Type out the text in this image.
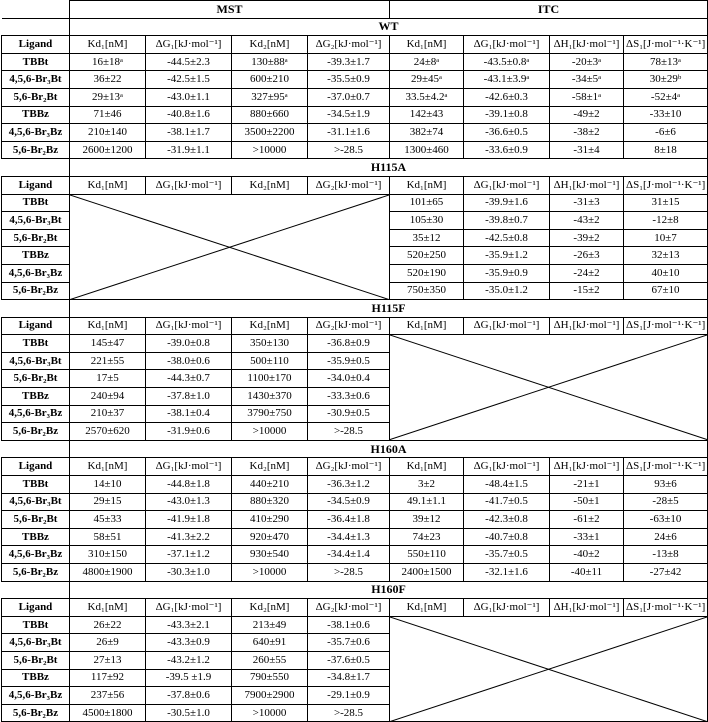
	MST				ITC			
	WT							
Ligand	Kd₁[nM]	ΔG₁[kJ·mol⁻¹]	Kd₂[nM]	ΔG₂[kJ·mol⁻¹]	Kd₁[nM]	ΔG₁[kJ·mol⁻¹]	ΔH₁[kJ·mol⁻¹]	ΔS₁[J·mol⁻¹·K⁻¹]
TBBt	16±18ᵃ	-44.5±2.3	130±88ᵃ	-39.3±1.7	24±8ᵃ	-43.5±0.8ᵃ	-20±3ᵃ	78±13ᵃ
4,5,6-Br₃Bt	36±22	-42.5±1.5	600±210	-35.5±0.9	29±45ᵃ	-43.1±3.9ᵃ	-34±5ᵃ	30±29ᵇ
5,6-Br₂Bt	29±13ᵃ	-43.0±1.1	327±95ᵃ	-37.0±0.7	33.5±4.2ᵃ	-42.6±0.3	-58±1ᵃ	-52±4ᵃ
TBBz	71±46	-40.8±1.6	880±660	-34.5±1.9	142±43	-39.1±0.8	-49±2	-33±10
4,5,6-Br₃Bz	210±140	-38.1±1.7	3500±2200	-31.1±1.6	382±74	-36.6±0.5	-38±2	-6±6
5,6-Br₂Bz	2600±1200	-31.9±1.1	>10000	>-28.5	1300±460	-33.6±0.9	-31±4	8±18
	H115A							
Ligand	Kd₁[nM]	ΔG₁[kJ·mol⁻¹]	Kd₂[nM]	ΔG₂[kJ·mol⁻¹]	Kd₁[nM]	ΔG₁[kJ·mol⁻¹]	ΔH₁[kJ·mol⁻¹]	ΔS₁[J·mol⁻¹·K⁻¹]
TBBt					101±65	-39.9±1.6	-31±3	31±15
4,5,6-Br₃Bt					105±30	-39.8±0.7	-43±2	-12±8
5,6-Br₂Bt					35±12	-42.5±0.8	-39±2	10±7
TBBz					520±250	-35.9±1.2	-26±3	32±13
4,5,6-Br₃Bz					520±190	-35.9±0.9	-24±2	40±10
5,6-Br₂Bz					750±350	-35.0±1.2	-15±2	67±10
	H115F							
Ligand	Kd₁[nM]	ΔG₁[kJ·mol⁻¹]	Kd₂[nM]	ΔG₂[kJ·mol⁻¹]	Kd₁[nM]	ΔG₁[kJ·mol⁻¹]	ΔH₁[kJ·mol⁻¹]	ΔS₁[J·mol⁻¹·K⁻¹]
TBBt	145±47	-39.0±0.8	350±130	-36.8±0.9	

4,5,6-Br₃Bt	221±55	-38.0±0.6	500±110	-35.9±0.5				
5,6-Br₂Bt	17±5	-44.3±0.7	1100±170	-34.0±0.4				
TBBz	240±94	-37.8±1.0	1430±370	-33.3±0.6				
4,5,6-Br₃Bz	210±37	-38.1±0.4	3790±750	-30.9±0.5				
5,6-Br₂Bz	2570±620	-31.9±0.6	>10000	>-28.5				
	H160A							
Ligand	Kd₁[nM]	ΔG₁[kJ·mol⁻¹]	Kd₂[nM]	ΔG₂[kJ·mol⁻¹]	Kd₁[nM]	ΔG₁[kJ·mol⁻¹]	ΔH₁[kJ·mol⁻¹]	ΔS₁[J·mol⁻¹·K⁻¹]
TBBt	14±10	-44.8±1.8	440±210	-36.3±1.2	3±2	-48.4±1.5	-21±1	93±6
4,5,6-Br₃Bt	29±15	-43.0±1.3	880±320	-34.5±0.9	49.1±1.1	-41.7±0.5	-50±1	-28±5
5,6-Br₂Bt	45±33	-41.9±1.8	410±290	-36.4±1.8	39±12	-42.3±0.8	-61±2	-63±10
TBBz	58±51	-41.3±2.2	920±470	-34.4±1.3	74±23	-40.7±0.8	-33±1	24±6
4,5,6-Br₃Bz	310±150	-37.1±1.2	930±540	-34.4±1.4	550±110	-35.7±0.5	-40±2	-13±8
5,6-Br₂Bz	4800±1900	-30.3±1.0	>10000	>-28.5	2400±1500	-32.1±1.6	-40±11	-27±42
	H160F							
Ligand	Kd₁[nM]	ΔG₁[kJ·mol⁻¹]	Kd₂[nM]	ΔG₂[kJ·mol⁻¹]	Kd₁[nM]	ΔG₁[kJ·mol⁻¹]	ΔH₁[kJ·mol⁻¹]	ΔS₁[J·mol⁻¹·K⁻¹]
TBBt	26±22	-43.3±2.1	213±49	-38.1±0.6	

4,5,6-Br₃Bt	26±9	-43.3±0.9	640±91	-35.7±0.6				
5,6-Br₂Bt	27±13	-43.2±1.2	260±55	-37.6±0.5				
TBBz	117±92	-39.5 ±1.9	790±550	-34.8±1.7				
4,5,6-Br₃Bz	237±56	-37.8±0.6	7900±2900	-29.1±0.9				
5,6-Br₂Bz	4500±1800	-30.5±1.0	>10000	>-28.5				
